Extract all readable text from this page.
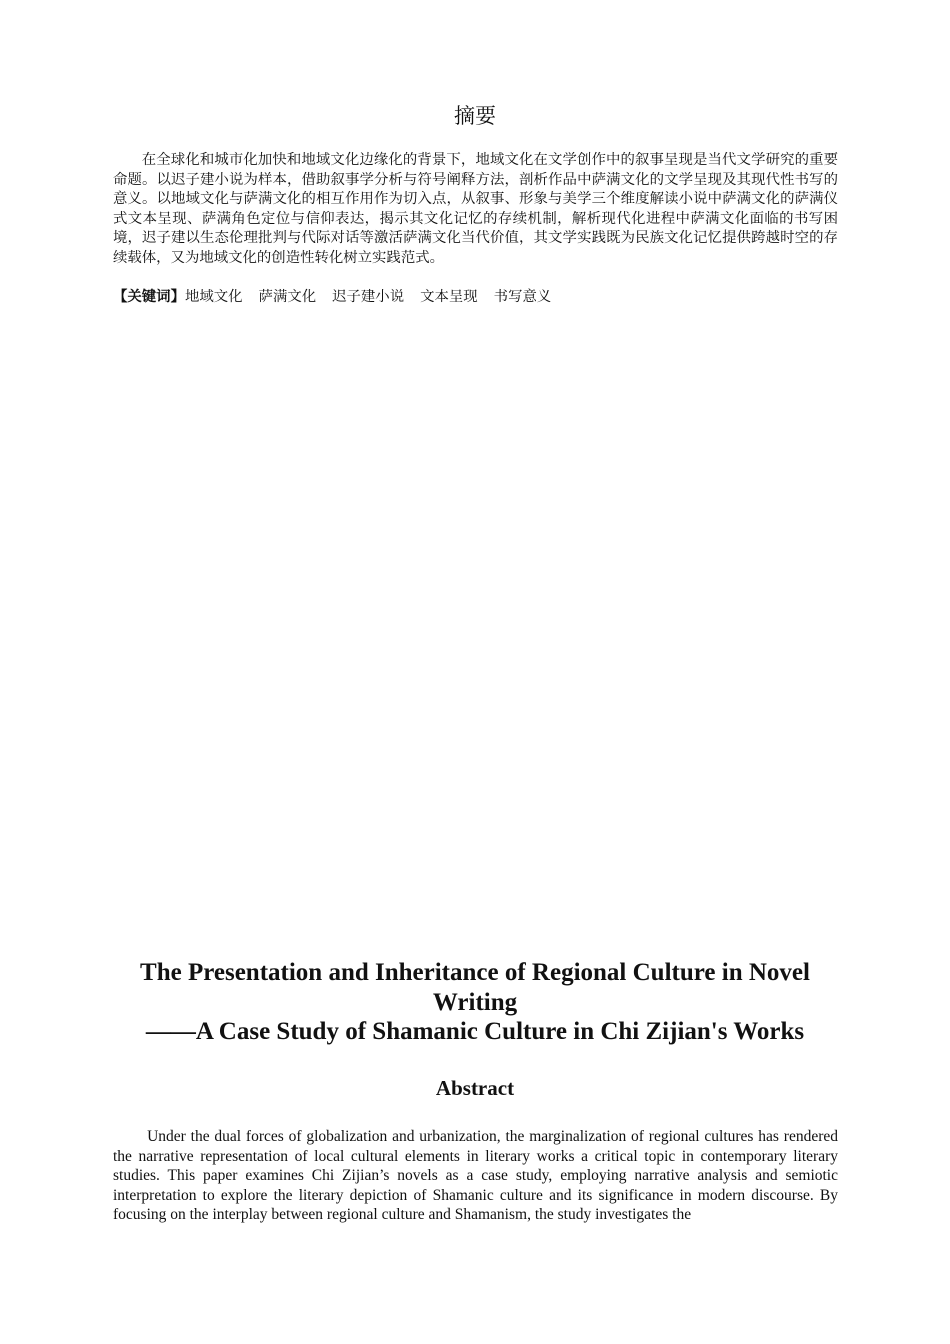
摘要

在全球化和城市化加快和地域文化边缘化的背景下，地域文化在文学创作中的叙事呈现是当代文学研究的重要命题。以迟子建小说为样本，借助叙事学分析与符号阐释方法，剖析作品中萨满文化的文学呈现及其现代性书写的意义。以地域文化与萨满文化的相互作用作为切入点，从叙事、形象与美学三个维度解读小说中萨满文化的萨满仪式文本呈现、萨满角色定位与信仰表达，揭示其文化记忆的存续机制，解析现代化进程中萨满文化面临的书写困境，迟子建以生态伦理批判与代际对话等激活萨满文化当代价值，其文学实践既为民族文化记忆提供跨越时空的存续载体，又为地域文化的创造性转化树立实践范式。

【关键词】地域文化 萨满文化 迟子建小说 文本呈现 书写意义
The Presentation and Inheritance of Regional Culture in Novel
Writing
——A Case Study of Shamanic Culture in Chi Zijian's Works
Abstract

Under the dual forces of globalization and urbanization, the marginalization of regional cultures has rendered the narrative representation of local cultural elements in literary works a critical topic in contemporary literary studies. This paper examines Chi Zijian’s novels as a case study, employing narrative analysis and semiotic interpretation to explore the literary depiction of Shamanic culture and its significance in modern discourse. By focusing on the interplay between regional culture and Shamanism, the study investigates the
